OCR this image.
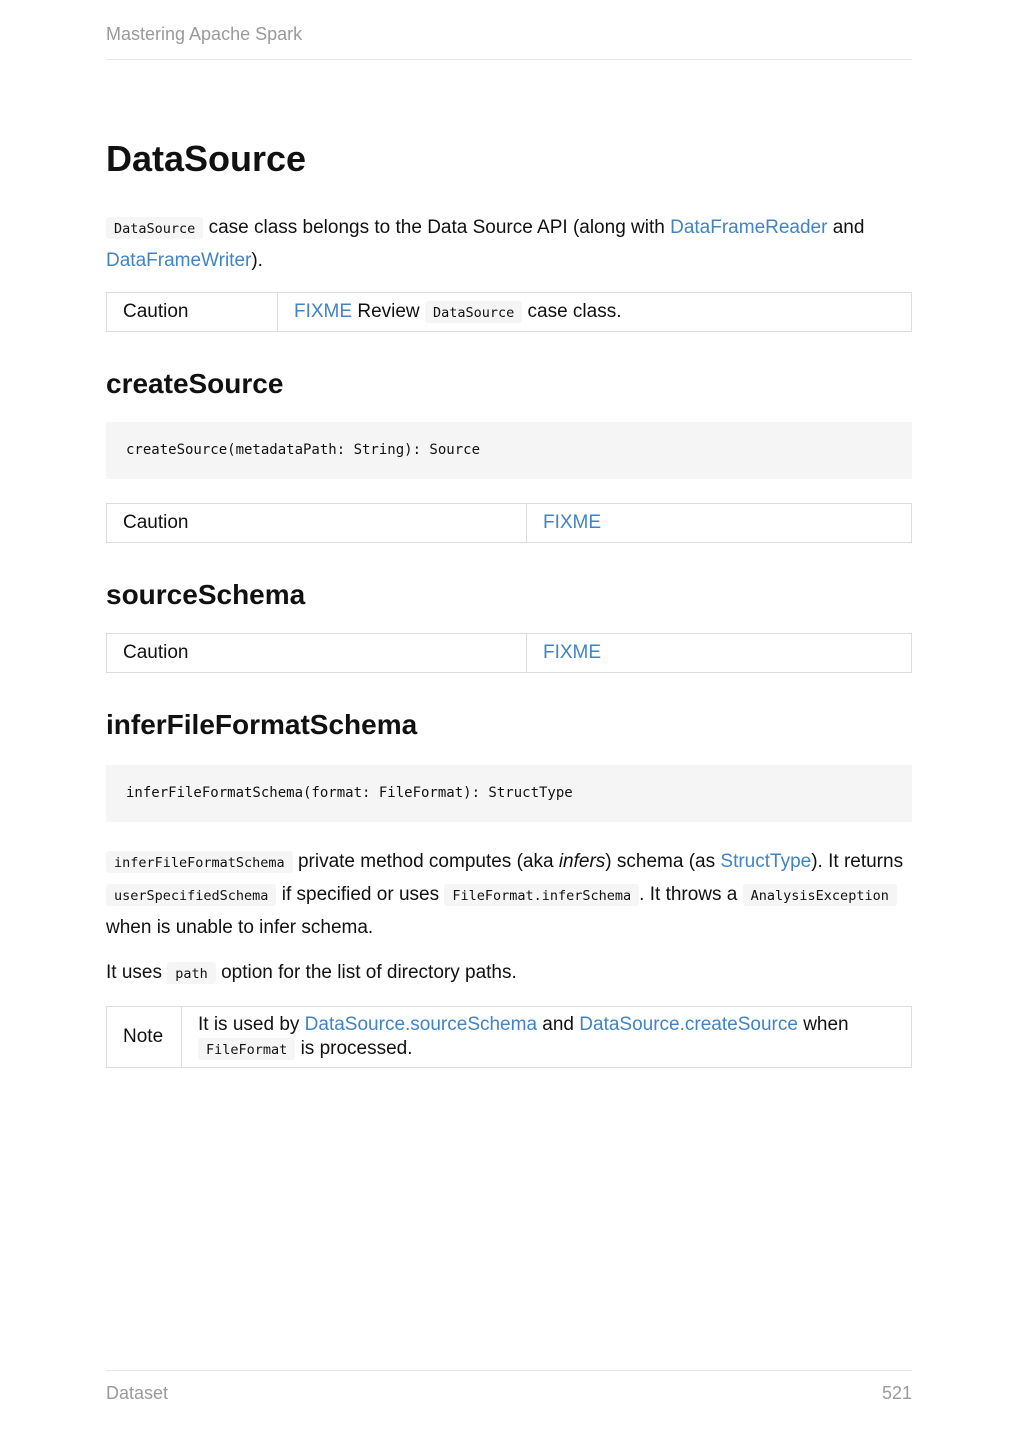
Mastering Apache Spark
DataSource

DataSource case class belongs to the Data Source API (along with DataFrameReader and DataFrameWriter).

Caution	FIXME Review DataSource case class.
createSource
createSource(metadataPath: String): Source
Caution	FIXME
sourceSchema
Caution	FIXME
inferFileFormatSchema
inferFileFormatSchema(format: FileFormat): StructType

inferFileFormatSchema private method computes (aka infers) schema (as StructType). It returns userSpecifiedSchema if specified or uses FileFormat.inferSchema . It throws a AnalysisException when is unable to infer schema.

It uses path option for the list of directory paths.

Note	It is used by DataSource.sourceSchema and DataSource.createSource when FileFormat is processed.
Dataset	521
